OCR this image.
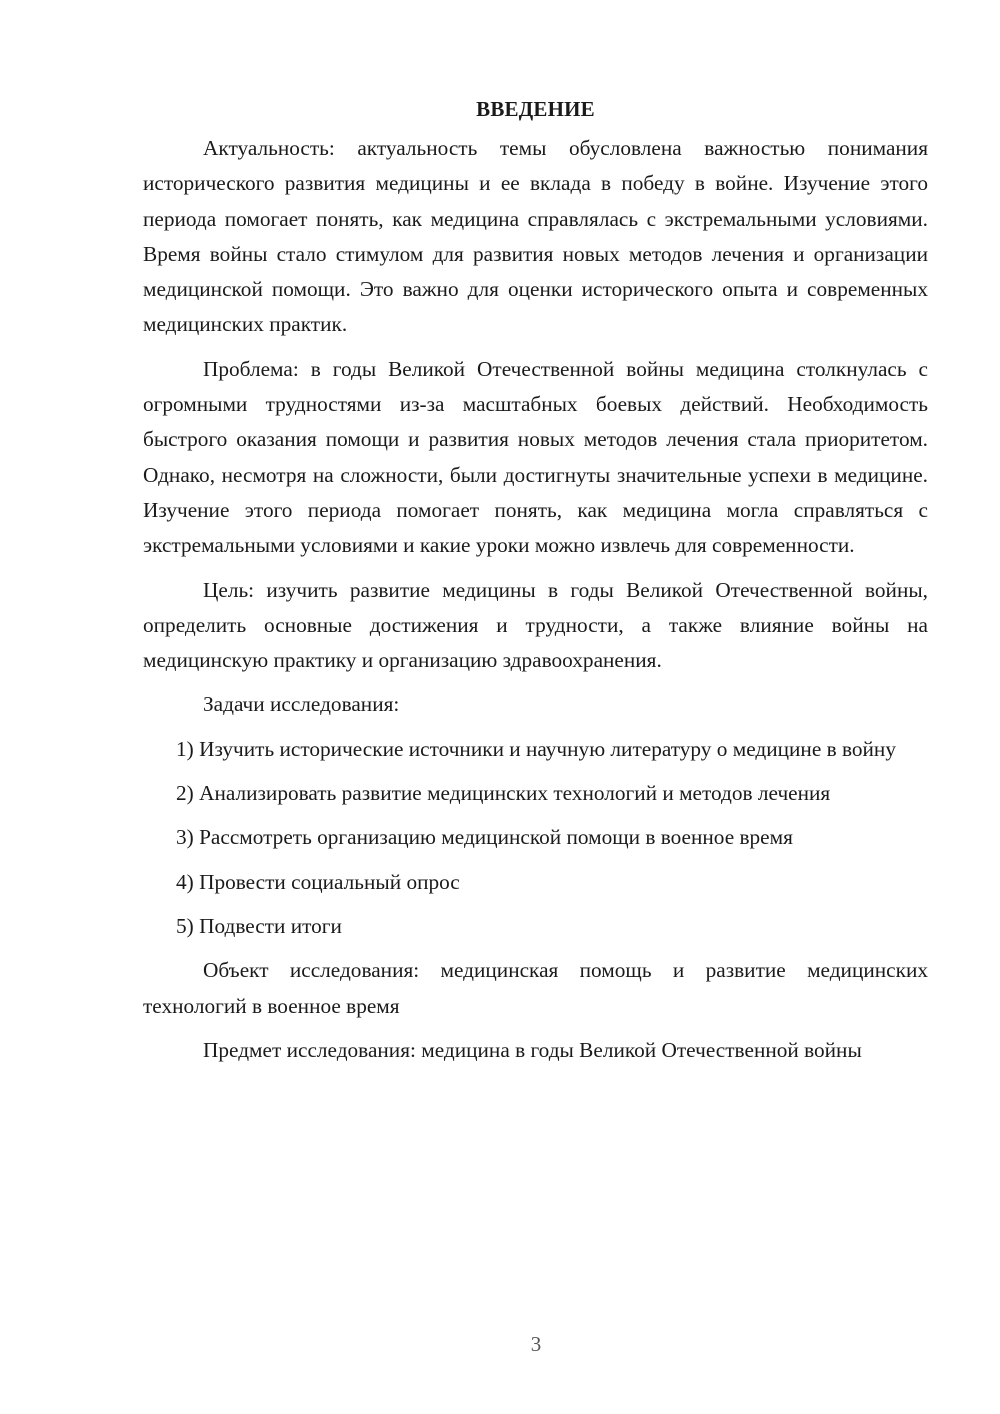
ВВЕДЕНИЕ

Актуальность: актуальность темы обусловлена важностью понимания исторического развития медицины и ее вклада в победу в войне. Изучение этого периода помогает понять, как медицина справлялась с экстремальными условиями. Время войны стало стимулом для развития новых методов лечения и организации медицинской помощи. Это важно для оценки исторического опыта и современных медицинских практик.

Проблема: в годы Великой Отечественной войны медицина столкнулась с огромными трудностями из-за масштабных боевых действий. Необходимость быстрого оказания помощи и развития новых методов лечения стала приоритетом. Однако, несмотря на сложности, были достигнуты значительные успехи в медицине. Изучение этого периода помогает понять, как медицина могла справляться с экстремальными условиями и какие уроки можно извлечь для современности.

Цель: изучить развитие медицины в годы Великой Отечественной войны, определить основные достижения и трудности, а также влияние войны на медицинскую практику и организацию здравоохранения.

Задачи исследования:

1) Изучить исторические источники и научную литературу о медицине в войну

2) Анализировать развитие медицинских технологий и методов лечения

3) Рассмотреть организацию медицинской помощи в военное время

4) Провести социальный опрос

5) Подвести итоги

Объект исследования: медицинская помощь и развитие медицинских технологий в военное время

Предмет исследования: медицина в годы Великой Отечественной войны

3
